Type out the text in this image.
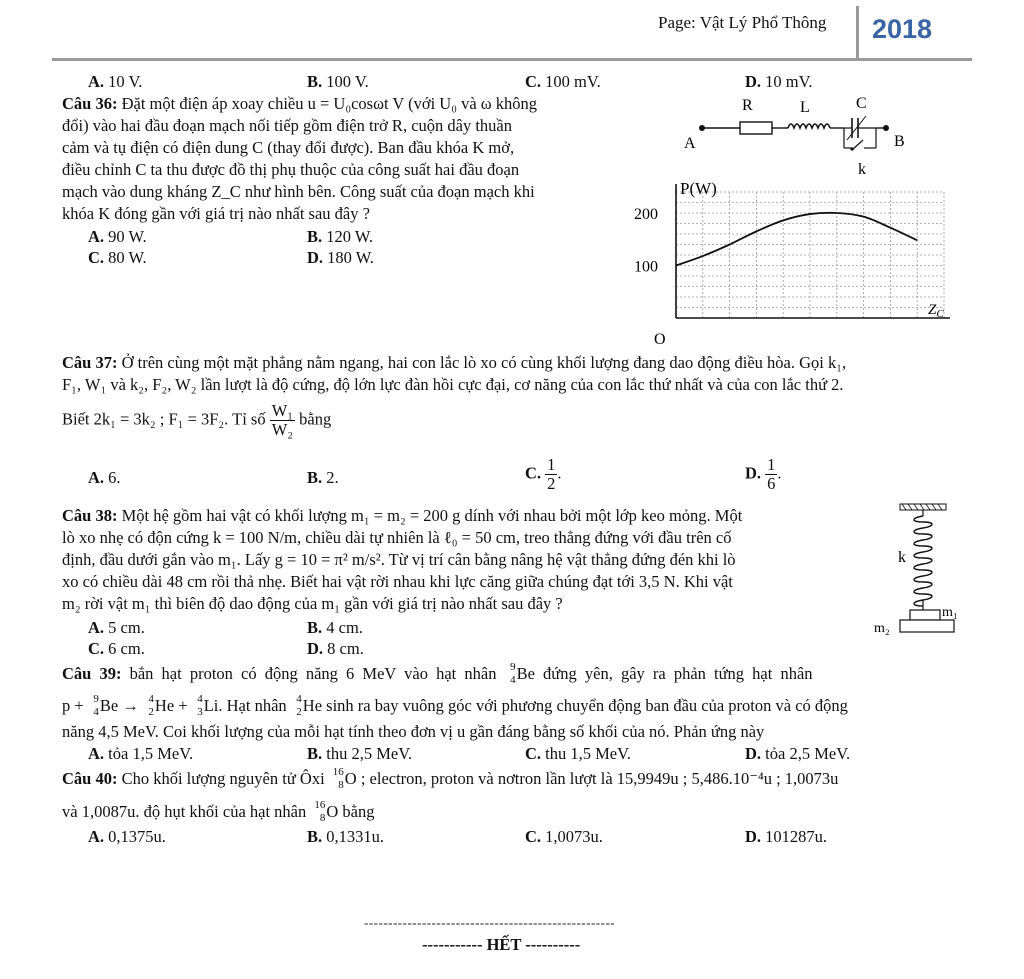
Page: Vật Lý Phổ Thông 2018
A. 10 V.	B. 100 V.	C. 100 mV.	D. 10 mV.
Câu 36: Đặt một điện áp xoay chiều u = U₀cosωt V (với U₀ và ω không
đổi) vào hai đầu đoạn mạch nối tiếp gồm điện trở R, cuộn dây thuần
cảm và tụ điện có điện dung C (thay đổi được). Ban đầu khóa K mở,
điều chỉnh C ta thu được đồ thị phụ thuộc của công suất hai đầu đoạn
mạch vào dung kháng Z_C như hình bên. Công suất của đoạn mạch khi
khóa K đóng gần với giá trị nào nhất sau đây ?
A. 90 W.	B. 120 W.
C. 80 W.	D. 180 W.
R	L	C
A	B
k
100
200
P(W)
$Z_C$
O
Câu 37: Ở trên cùng một mặt phẳng nằm ngang, hai con lắc lò xo có cùng khối lượng đang dao động điều hòa. Gọi k₁,
F₁, W₁ và k₂, F₂, W₂ lần lượt là độ cứng, độ lớn lực đàn hồi cực đại, cơ năng của con lắc thứ nhất và của con lắc thứ 2.
Biết 2k₁ = 3k₂ ; F₁ = 3F₂. Tỉ số $\frac{\text{W₁}}{\text{W₂}}$ bằng
A. 6.	B. 2.	C. $\frac{1}{2}$ .	D. $\frac{1}{6}$ .
Câu 38: Một hệ gồm hai vật có khối lượng m₁ = m₂ = 200 g dính với nhau bởi một lớp keo mỏng. Một
lò xo nhẹ có độn cứng k = 100 N/m, chiều dài tự nhiên là ℓ₀ = 50 cm, treo thẳng đứng với đầu trên cố
định, đầu dưới gắn vào m₁. Lấy g = 10 = π² m/s². Từ vị trí cân bằng nâng hệ vật thẳng đứng đén khi lò
xo có chiều dài 48 cm rồi thả nhẹ. Biết hai vật rời nhau khi lực căng giữa chúng đạt tới 3,5 N. Khi vật
m₂ rời vật m₁ thì biên độ dao động của m₁ gần với giá trị nào nhất sau đây ?
A. 5 cm.	B. 4 cm.
C. 6 cm.	D. 8 cm.
k
m₁
m₂
Câu 39: bắn hạt proton có động năng 6 MeV vào hạt nhân 9
4 Be đứng yên, gây ra phản tứng hạt nhân
p + 9
4 Be → 4
2 He + 4
3 Li. Hạt nhân 4
2 He sinh ra bay vuông góc với phương chuyển động ban đầu của proton và có động
năng 4,5 MeV. Coi khối lượng của mỗi hạt tính theo đơn vị u gần đáng bằng số khối của nó. Phản ứng này
A. tỏa 1,5 MeV.	B. thu 2,5 MeV.	C. thu 1,5 MeV.	D. tỏa 2,5 MeV.
Câu 40: Cho khối lượng nguyên tử Ôxi 16
8 O ; electron, proton và nơtron lần lượt là 15,9949u ; 5,486.10⁻⁴u ; 1,0073u
và 1,0087u. độ hụt khối của hạt nhân 16
8 O bằng
A. 0,1375u.	B. 0,1331u.	C. 1,0073u.	D. 101287u.
----------------------------------------------------
----------- HẾT ----------
